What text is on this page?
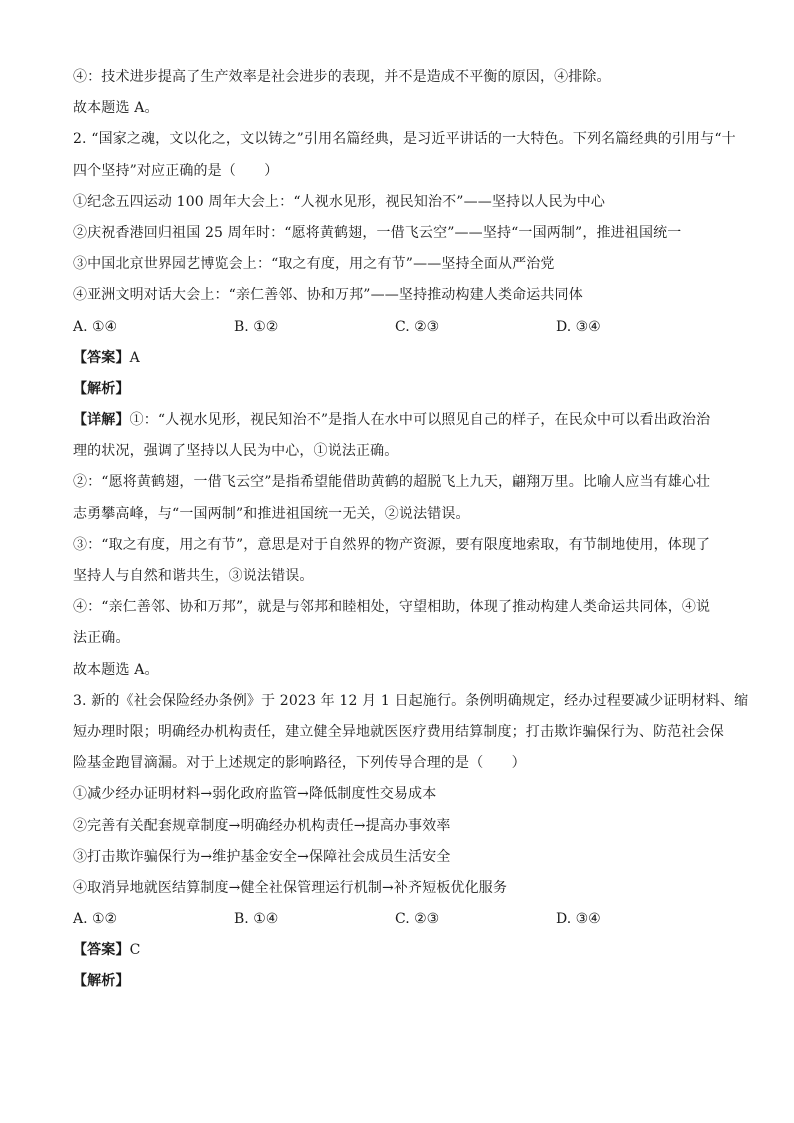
④：技术进步提高了生产效率是社会进步的表现，并不是造成不平衡的原因，④排除。
故本题选 A。
2. “国家之魂，文以化之，文以铸之”引用名篇经典，是习近平讲话的一大特色。下列名篇经典的引用与“十
四个坚持”对应正确的是（　　）
①纪念五四运动 100 周年大会上：“人视水见形，视民知治不”——坚持以人民为中心
②庆祝香港回归祖国 25 周年时：“愿将黄鹤翅，一借飞云空”——坚持“一国两制”，推进祖国统一
③中国北京世界园艺博览会上：“取之有度，用之有节”——坚持全面从严治党
④亚洲文明对话大会上：“亲仁善邻、协和万邦”——坚持推动构建人类命运共同体
A. ①④	B. ①②	C. ②③	D. ③④
【答案】A
【解析】
【详解】①：“人视水见形，视民知治不”是指人在水中可以照见自己的样子，在民众中可以看出政治治
理的状况，强调了坚持以人民为中心，①说法正确。
②：“愿将黄鹤翅，一借飞云空”是指希望能借助黄鹤的超脱飞上九天，翩翔万里。比喻人应当有雄心壮
志勇攀高峰，与“一国两制”和推进祖国统一无关，②说法错误。
③：“取之有度，用之有节”，意思是对于自然界的物产资源，要有限度地索取，有节制地使用，体现了
坚持人与自然和谐共生，③说法错误。
④：“亲仁善邻、协和万邦”，就是与邻邦和睦相处，守望相助，体现了推动构建人类命运共同体，④说
法正确。
故本题选 A。
3. 新的《社会保险经办条例》于 2023 年 12 月 1 日起施行。条例明确规定，经办过程要减少证明材料、缩
短办理时限；明确经办机构责任，建立健全异地就医医疗费用结算制度；打击欺诈骗保行为、防范社会保
险基金跑冒滴漏。对于上述规定的影响路径，下列传导合理的是（　　）
①减少经办证明材料→弱化政府监管→降低制度性交易成本
②完善有关配套规章制度→明确经办机构责任→提高办事效率
③打击欺诈骗保行为→维护基金安全→保障社会成员生活安全
④取消异地就医结算制度→健全社保管理运行机制→补齐短板优化服务
A. ①②	B. ①④	C. ②③	D. ③④
【答案】C
【解析】
